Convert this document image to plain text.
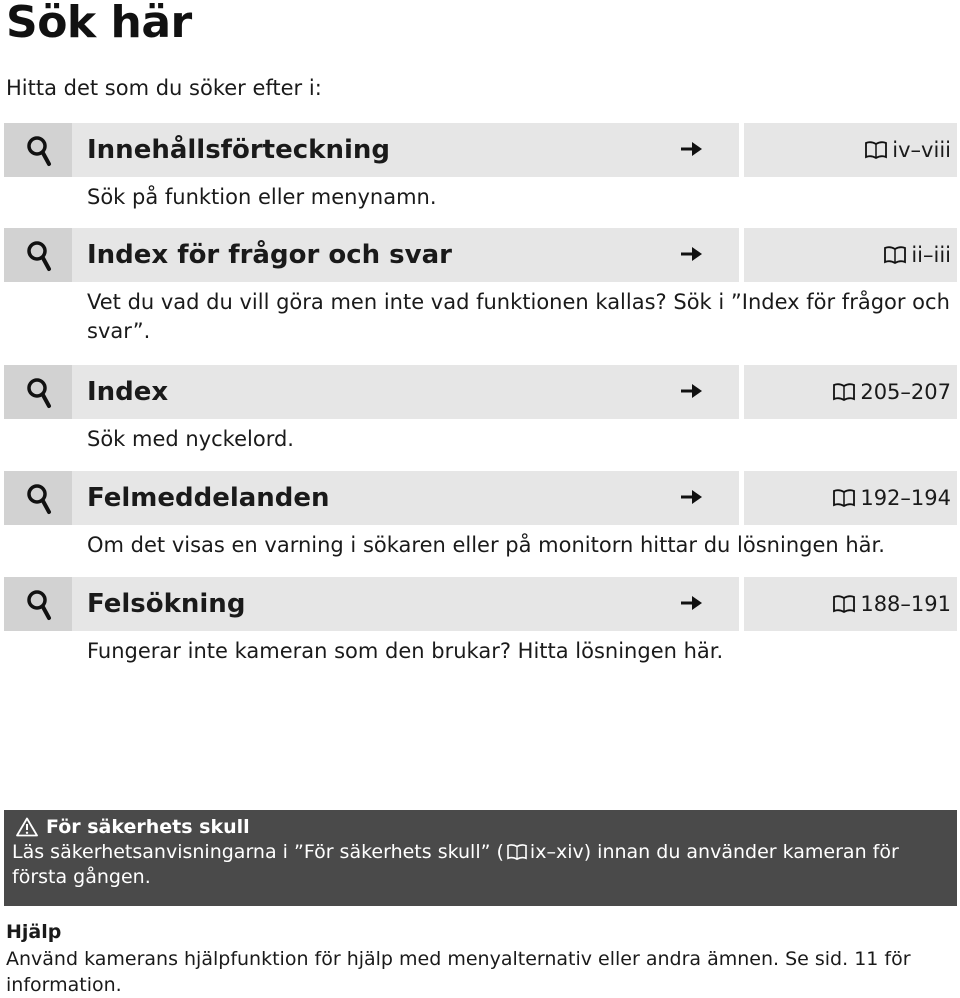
Sök här
Hitta det som du söker efter i:
Innehållsförteckning	iv–viii
Sök på funktion eller menynamn.
Index för frågor och svar	ii–iii
Vet du vad du vill göra men inte vad funktionen kallas? Sök i ”Index för frågor och svar”.
Index	205–207
Sök med nyckelord.
Felmeddelanden	192–194
Om det visas en varning i sökaren eller på monitorn hittar du lösningen här.
Felsökning	188–191
Fungerar inte kameran som den brukar? Hitta lösningen här.
För säkerhets skull
Läs säkerhetsanvisningarna i ”För säkerhets skull” ( ix–xiv) innan du använder kameran för första gången.
Hjälp
Använd kamerans hjälpfunktion för hjälp med menyalternativ eller andra ämnen. Se sid. 11 för information.
